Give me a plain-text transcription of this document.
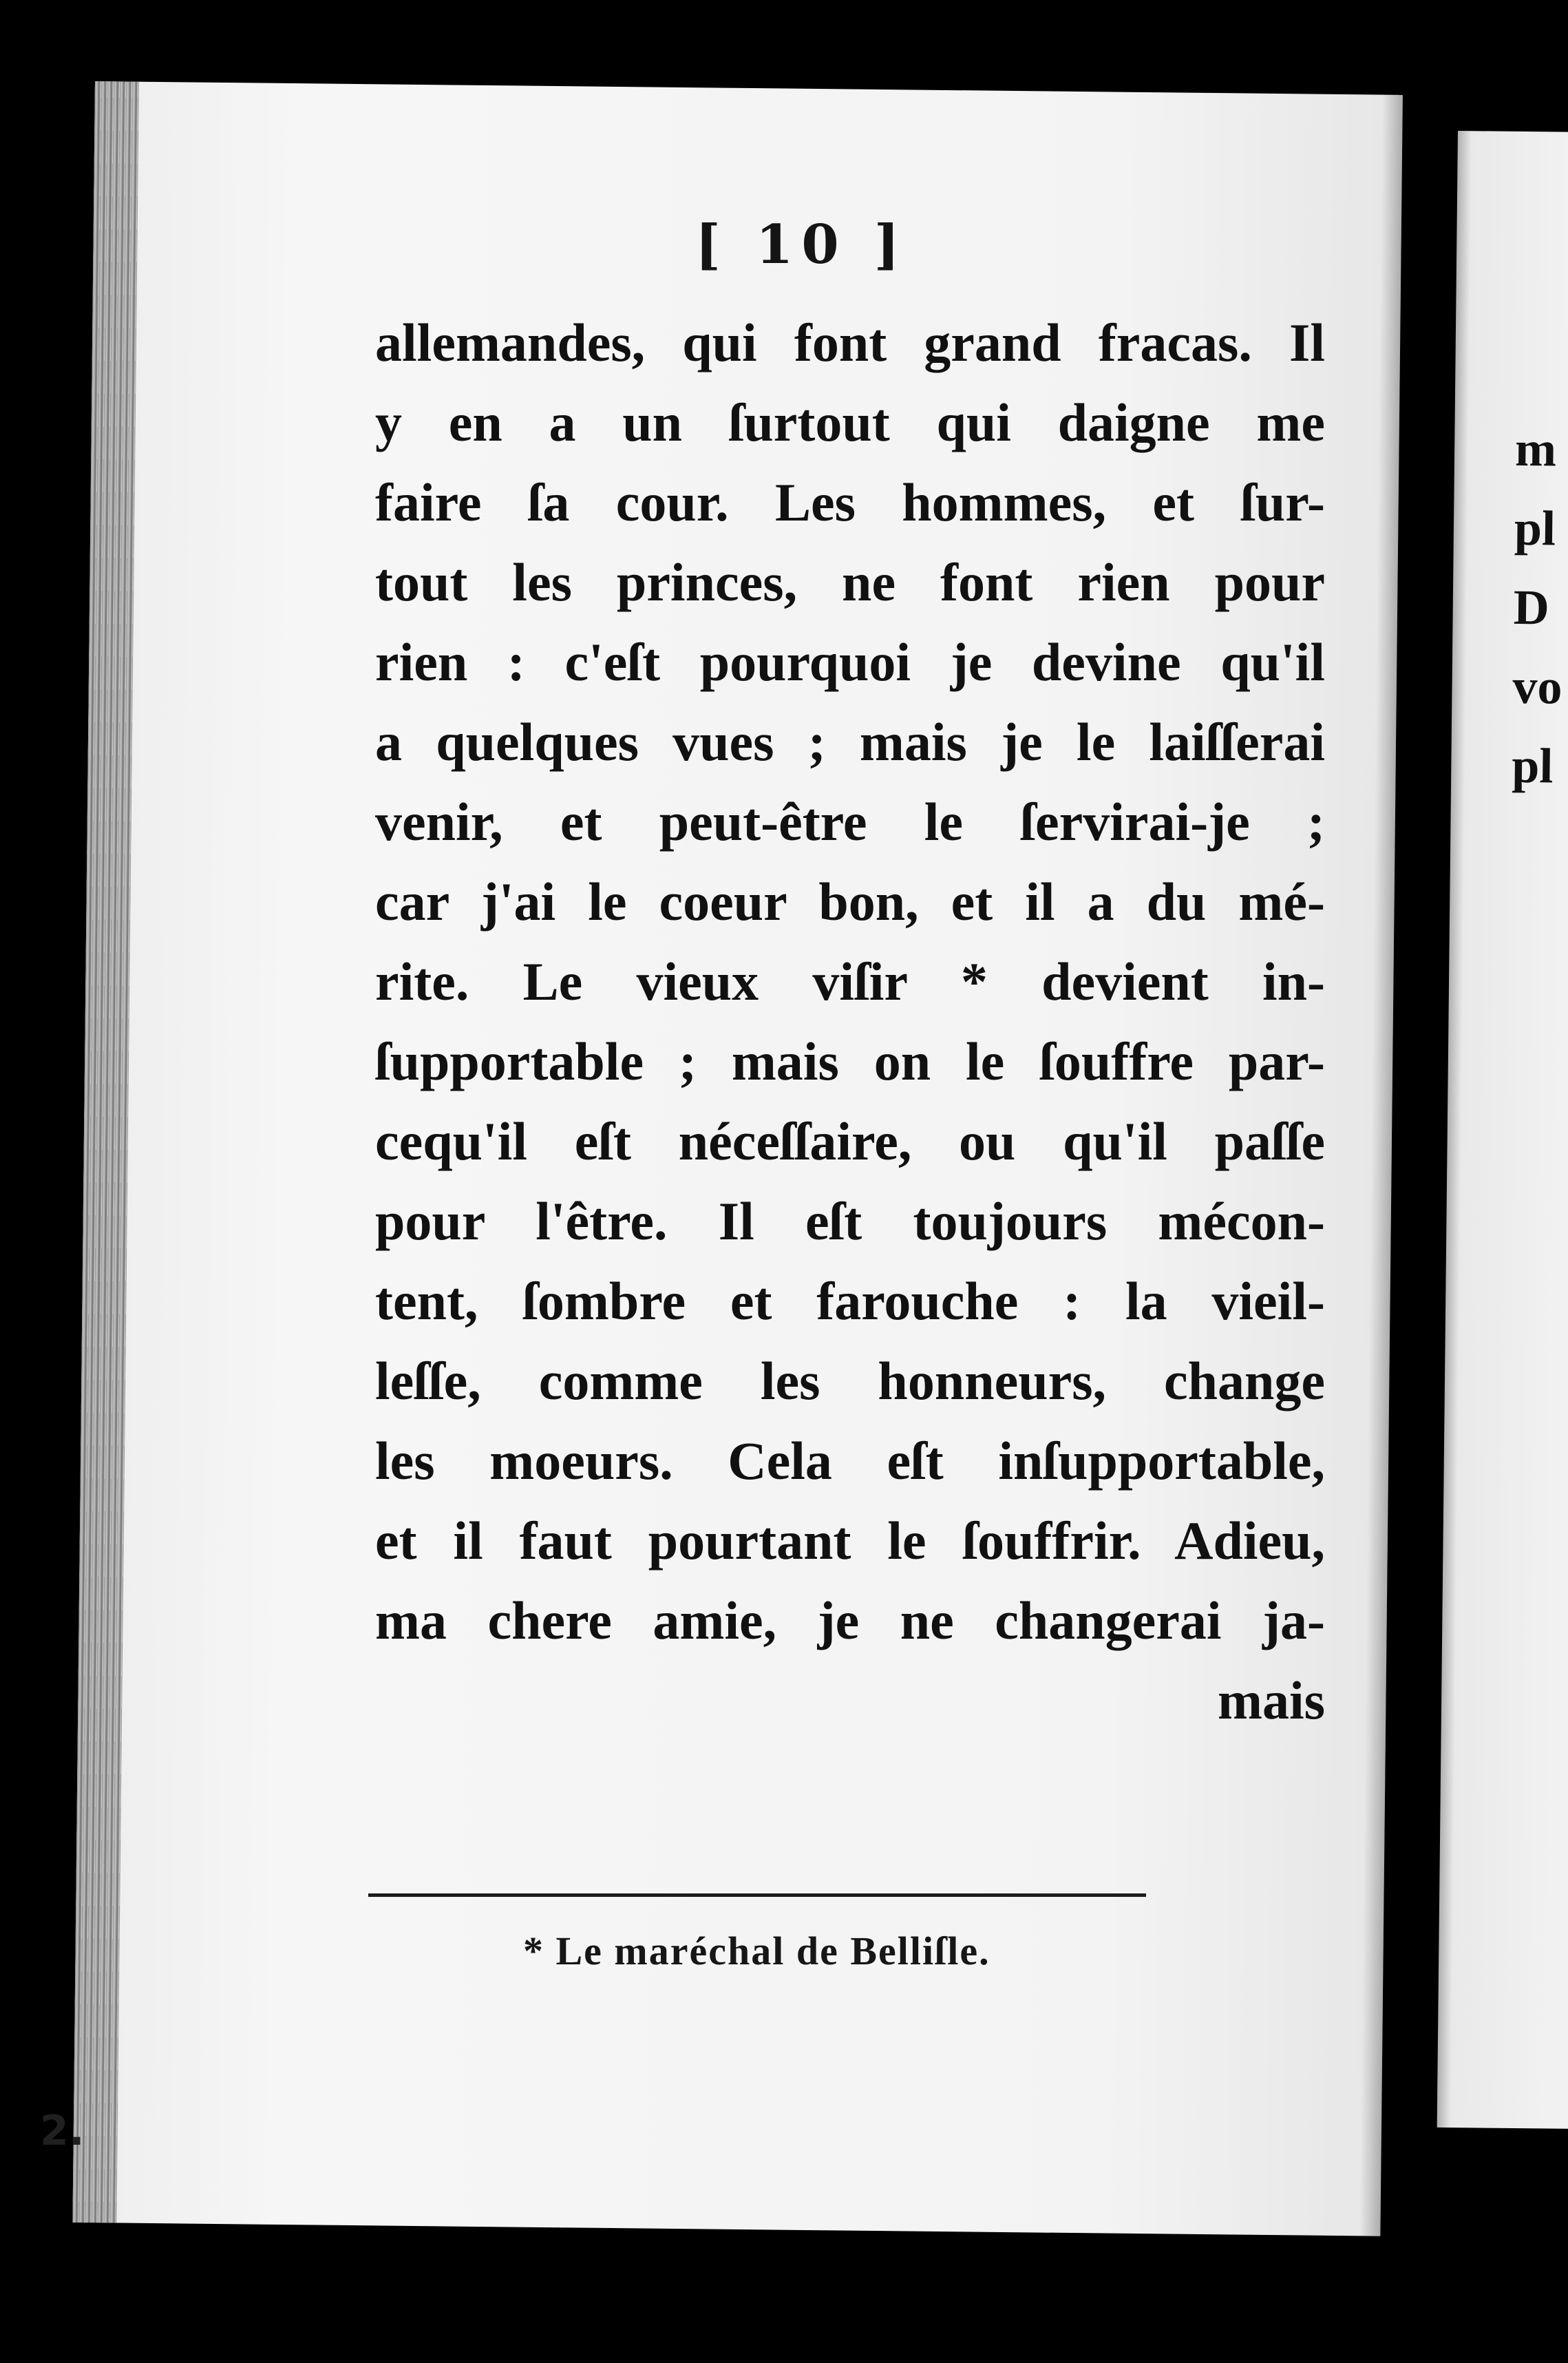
[ 10 ]
allemandes, qui font grand fracas. Il
y en a un ſurtout qui daigne me
faire ſa cour. Les hommes, et ſur-
tout les princes, ne font rien pour
rien : c'eſt pourquoi je devine qu'il
a quelques vues ; mais je le laiſſerai
venir, et peut-être le ſervirai-je ;
car j'ai le coeur bon, et il a du mé-
rite. Le vieux viſir * devient in-
ſupportable ; mais on le ſouffre par-
cequ'il eſt néceſſaire, ou qu'il paſſe
pour l'être. Il eſt toujours mécon-
tent, ſombre et farouche : la vieil-
leſſe, comme les honneurs, change
les moeurs. Cela eſt inſupportable,
et il faut pourtant le ſouffrir. Adieu,
ma chere amie, je ne changerai ja-
mais
* Le maréchal de Belliſle.
2.
m
pl
D
vo
pl
